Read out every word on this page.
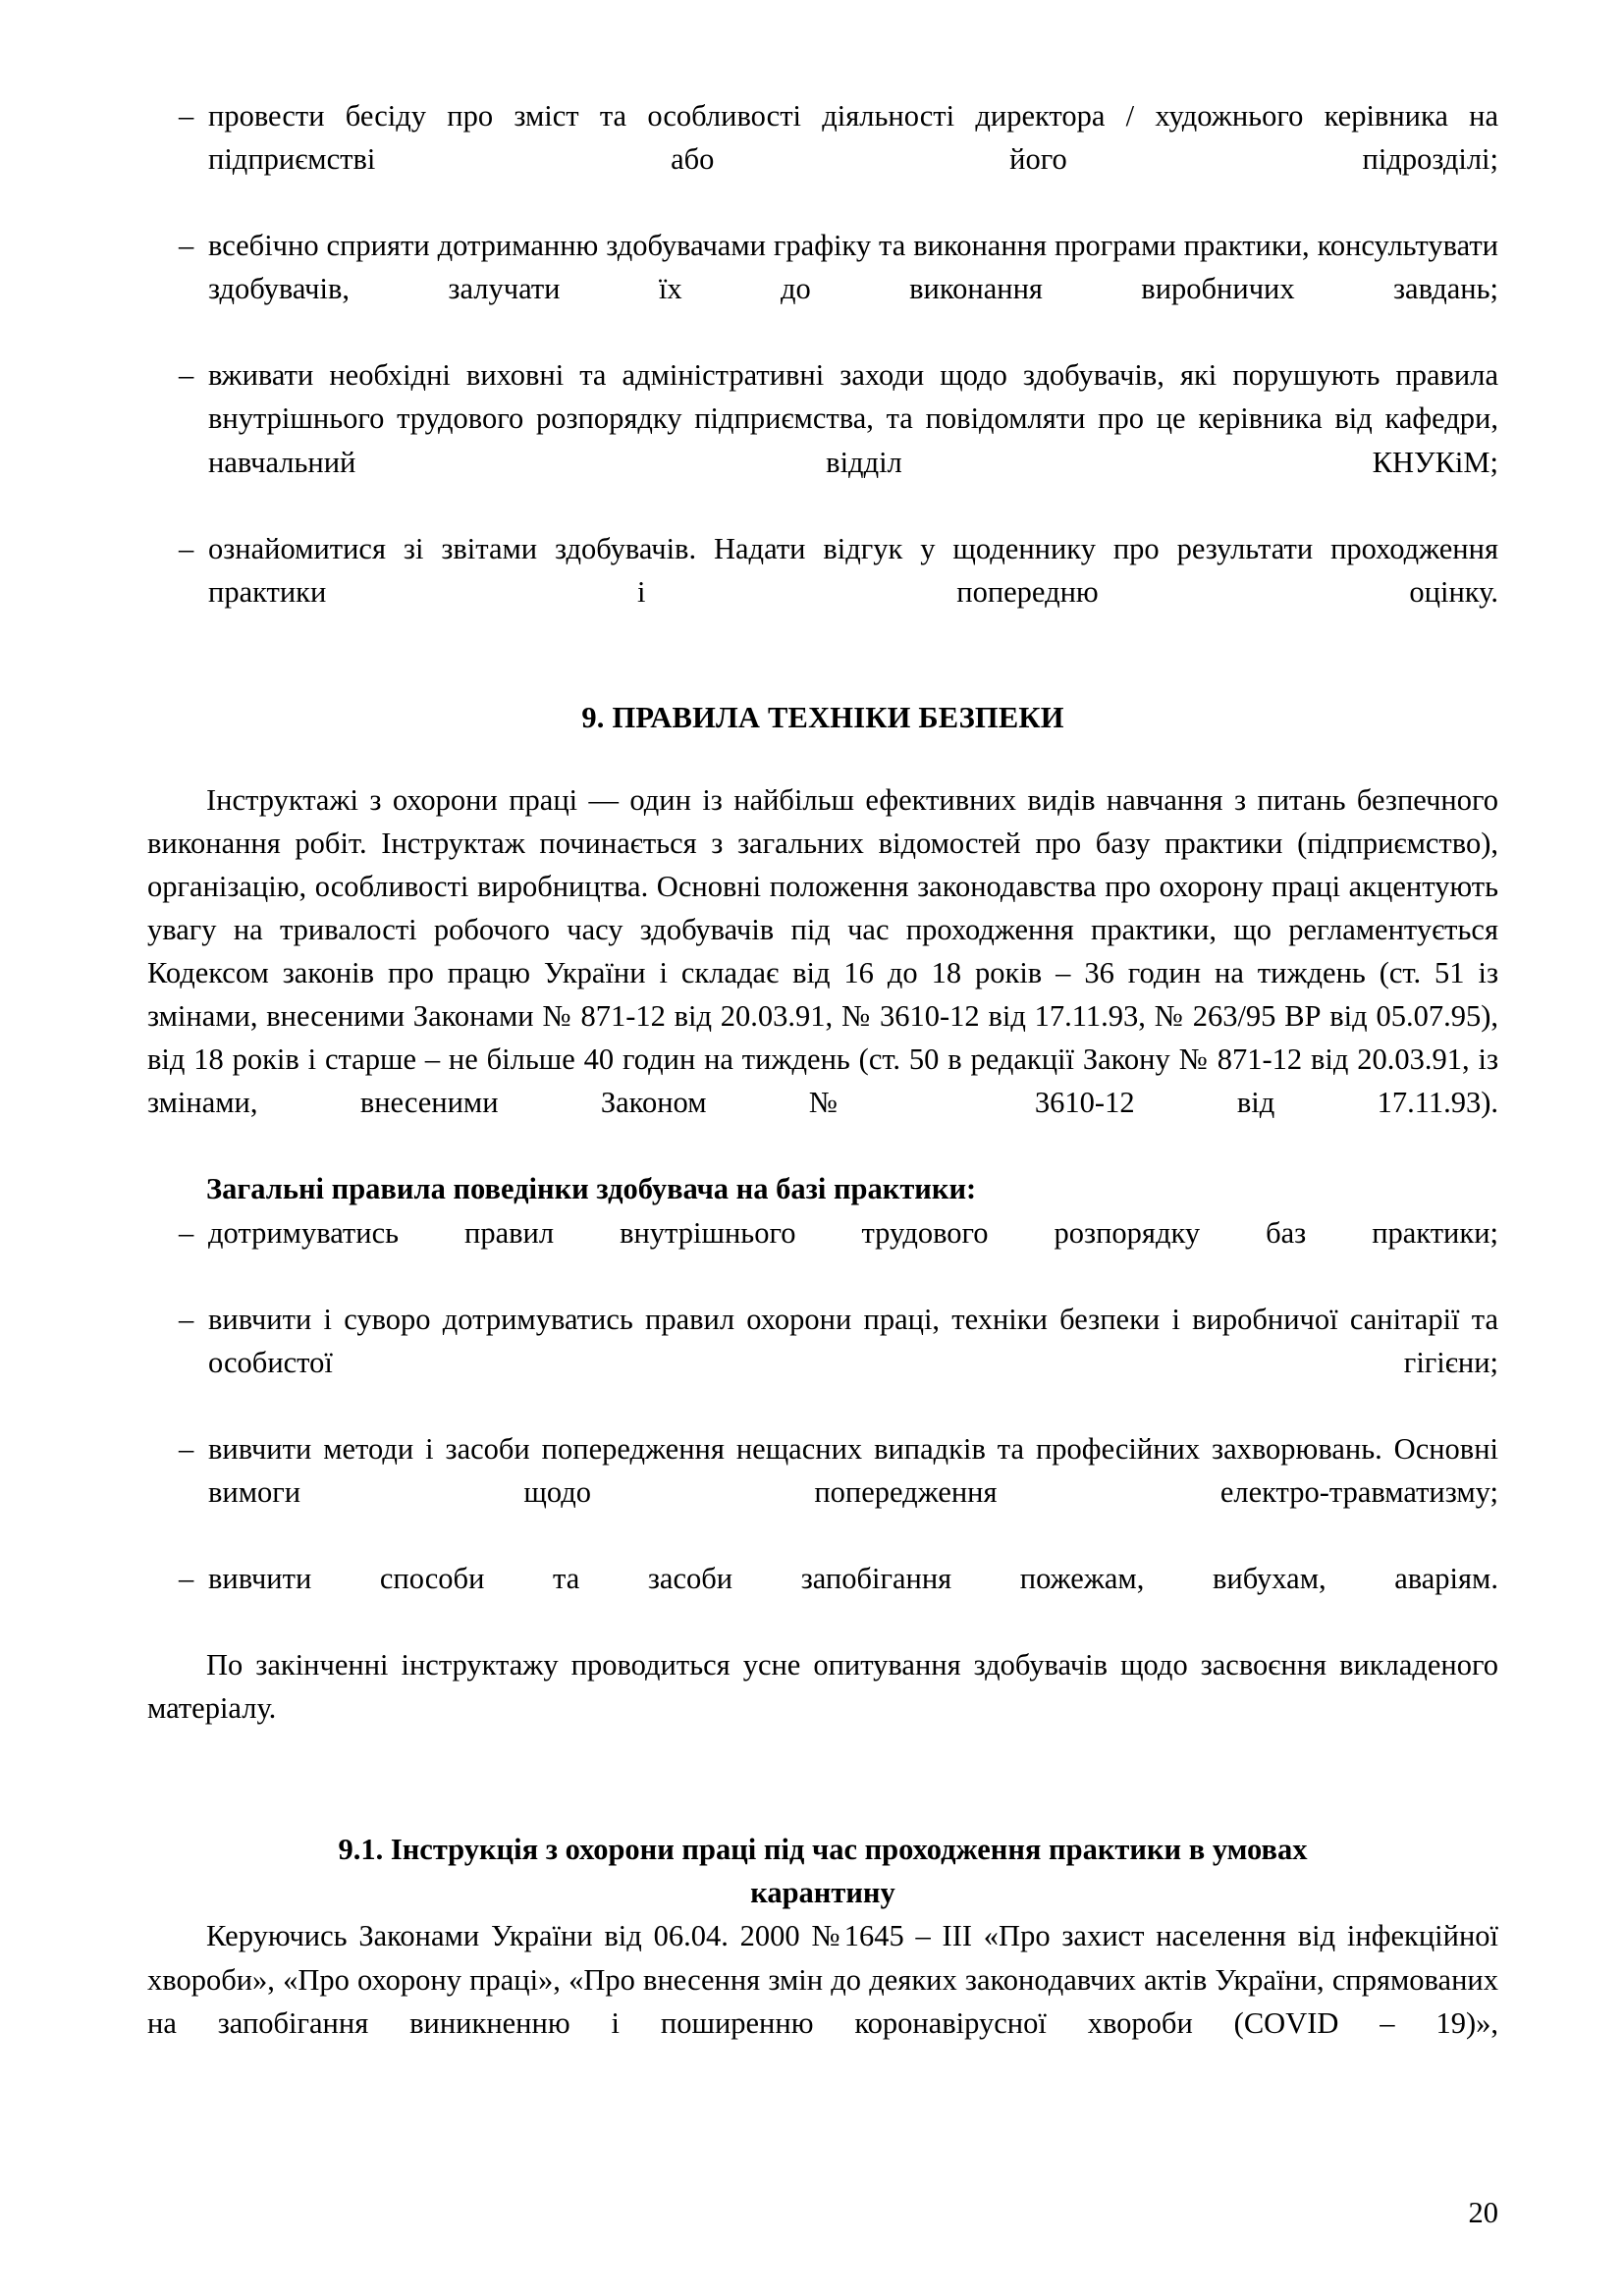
– провести бесіду про зміст та особливості діяльності директора / художнього керівника на підприємстві або його підрозділі;
– всебічно сприяти дотриманню здобувачами графіку та виконання програми практики, консультувати здобувачів, залучати їх до виконання виробничих завдань;
– вживати необхідні виховні та адміністративні заходи щодо здобувачів, які порушують правила внутрішнього трудового розпорядку підприємства, та повідомляти про це керівника від кафедри, навчальний відділ КНУКіМ;
– ознайомитися зі звітами здобувачів. Надати відгук у щоденнику про результати проходження практики і попередню оцінку.
9. ПРАВИЛА ТЕХНІКИ БЕЗПЕКИ

Інструктажі з охорони праці — один із найбільш ефективних видів навчання з питань безпечного виконання робіт. Інструктаж починається з загальних відомостей про базу практики (підприємство), організацію, особливості виробництва. Основні положення законодавства про охорону праці акцентують увагу на тривалості робочого часу здобувачів під час проходження практики, що регламентується Кодексом законів про працю України і складає від 16 до 18 років – 36 годин на тиждень (ст. 51 із змінами, внесеними Законами № 871-12 від 20.03.91, № 3610-12 від 17.11.93, № 263/95 ВР від 05.07.95), від 18 років і старше – не більше 40 годин на тиждень (ст. 50 в редакції Закону № 871-12 від 20.03.91, із змінами, внесеними Законом № 3610-12 від 17.11.93).

Загальні правила поведінки здобувача на базі практики:

– дотримуватись правил внутрішнього трудового розпорядку баз практики;
– вивчити і суворо дотримуватись правил охорони праці, техніки безпеки і виробничої санітарії та особистої гігієни;
– вивчити методи і засоби попередження нещасних випадків та професійних захворювань. Основні вимоги щодо попередження електро-травматизму;
– вивчити способи та засоби запобігання пожежам, вибухам, аваріям.

По закінченні інструктажу проводиться усне опитування здобувачів щодо засвоєння викладеного матеріалу.

9.1. Інструкція з охорони праці під час проходження практики в умовах
карантину

Керуючись Законами України від 06.04. 2000 №1645 – ІІІ «Про захист населення від інфекційної хвороби», «Про охорону праці», «Про внесення змін до деяких законодавчих актів України, спрямованих на запобігання виникненню і поширенню коронавірусної хвороби (COVID – 19)»,

20
